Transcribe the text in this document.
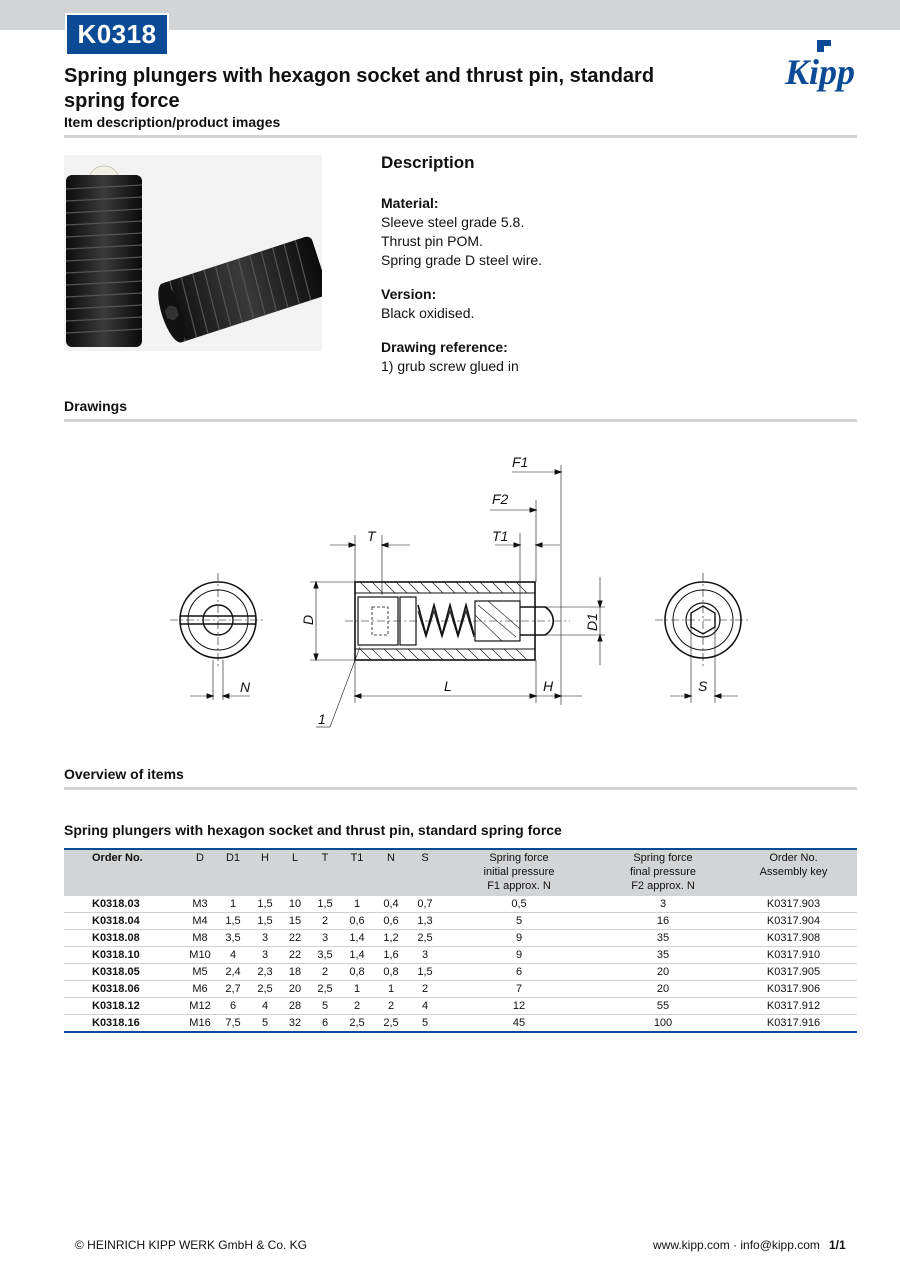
K0318
Spring plungers with hexagon socket and thrust pin, standard spring force
Item description/product images
Kipp
Description

Material:
Sleeve steel grade 5.8.
Thrust pin POM.
Spring grade D steel wire.

Version:
Black oxidised.

Drawing reference:
1) grub screw glued in

Drawings
N
D	D1
T	T1
F2
F1
L	H
1
S
Overview of items
Spring plungers with hexagon socket and thrust pin, standard spring force
Order No.	D	D1	H	L	T	T1	N	S	Spring force
initial pressure
F1 approx. N	Spring force
final pressure
F2 approx. N	Order No.
Assembly key
K0318.03	M3	1	1,5	10	1,5	1	0,4	0,7	0,5	3	K0317.903
K0318.04	M4	1,5	1,5	15	2	0,6	0,6	1,3	5	16	K0317.904
K0318.08	M8	3,5	3	22	3	1,4	1,2	2,5	9	35	K0317.908
K0318.10	M10	4	3	22	3,5	1,4	1,6	3	9	35	K0317.910
K0318.05	M5	2,4	2,3	18	2	0,8	0,8	1,5	6	20	K0317.905
K0318.06	M6	2,7	2,5	20	2,5	1	1	2	7	20	K0317.906
K0318.12	M12	6	4	28	5	2	2	4	12	55	K0317.912
K0318.16	M16	7,5	5	32	6	2,5	2,5	5	45	100	K0317.916
© HEINRICH KIPP WERK GmbH & Co. KG	www.kipp.com · info@kipp.com 1/1
